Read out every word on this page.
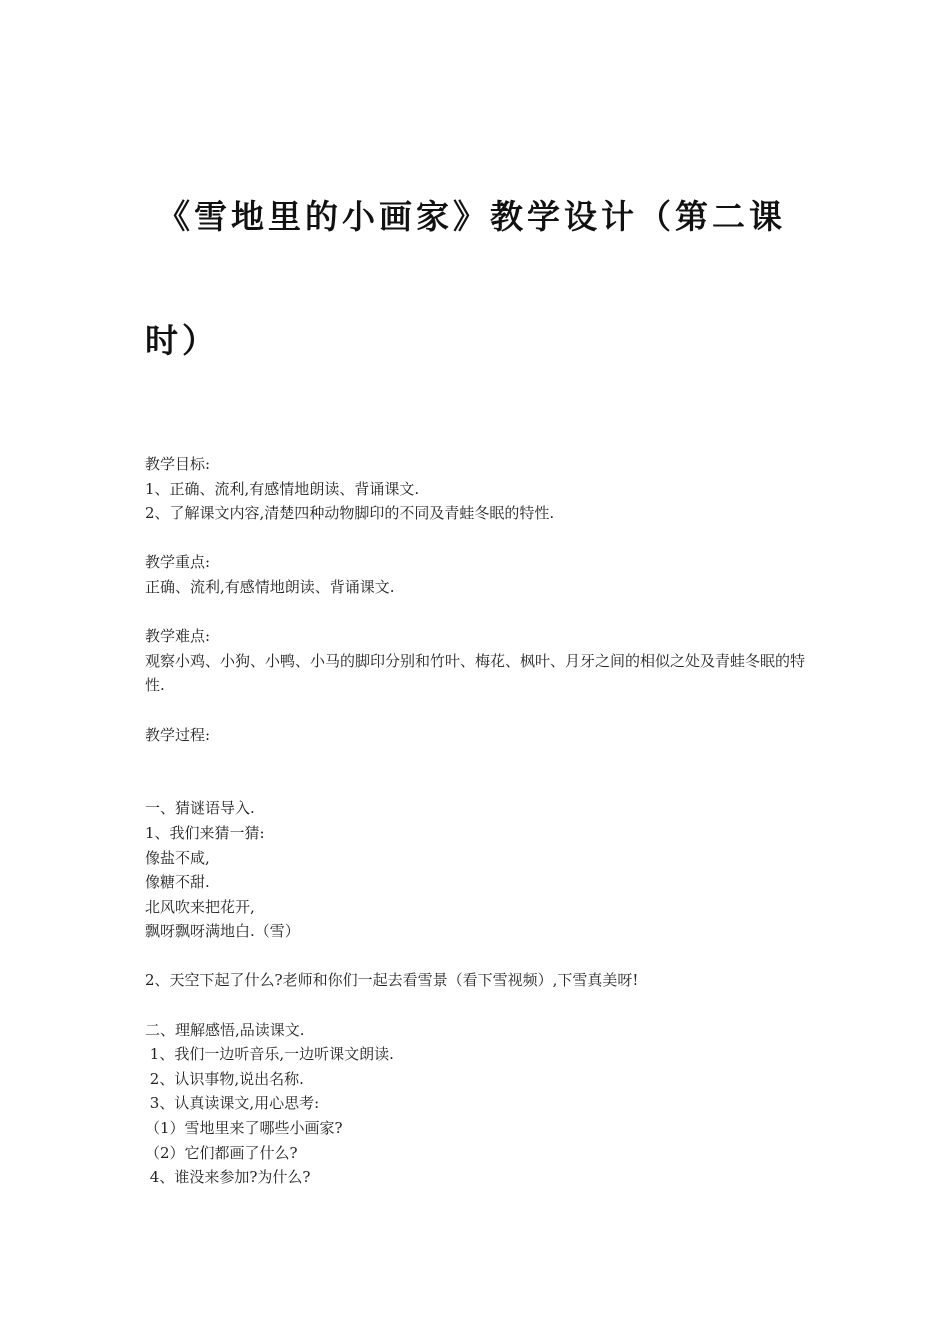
《雪地里的小画家》教学设计（第二课时）

教学目标:

1、正确、流利,有感情地朗读、背诵课文.

2、了解课文内容,清楚四种动物脚印的不同及青蛙冬眠的特性.

教学重点:

正确、流利,有感情地朗读、背诵课文.

教学难点:

观察小鸡、小狗、小鸭、小马的脚印分别和竹叶、梅花、枫叶、月牙之间的相似之处及青蛙冬眠的特性.

教学过程:

一、猜谜语导入.

1、我们来猜一猜:

像盐不咸,

像糖不甜.

北风吹来把花开,

飘呀飘呀满地白.（雪）

2、天空下起了什么?老师和你们一起去看雪景（看下雪视频）,下雪真美呀!

二、理解感悟,品读课文.

1、我们一边听音乐,一边听课文朗读.

2、认识事物,说出名称.

3、认真读课文,用心思考:

（1）雪地里来了哪些小画家?

（2）它们都画了什么?

4、谁没来参加?为什么?
